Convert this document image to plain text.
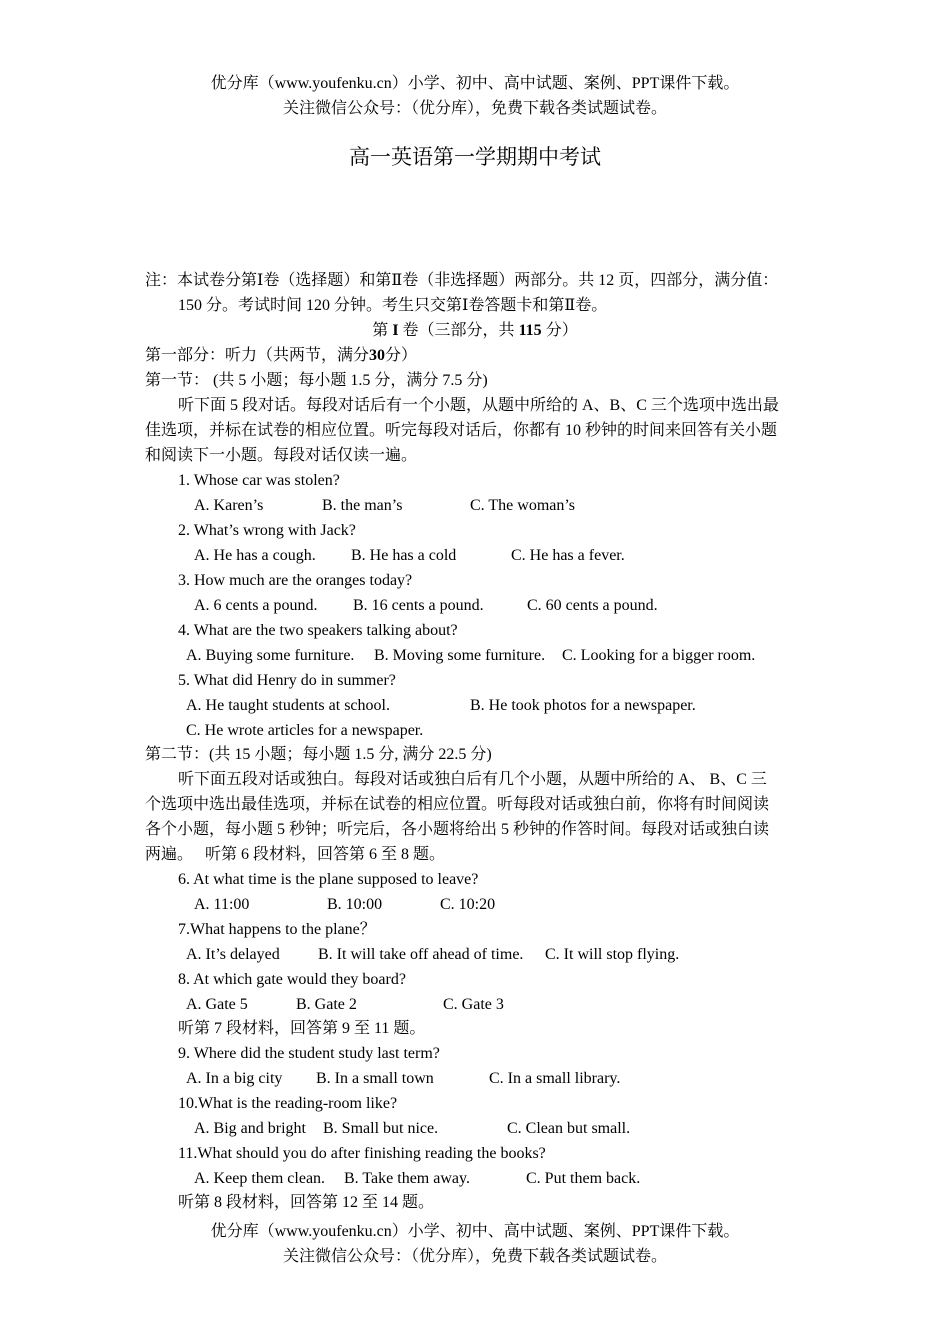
优分库（www.youfenku.cn）小学、初中、高中试题、案例、PPT课件下载。
关注微信公众号：（优分库），免费下载各类试题试卷。
高一英语第一学期期中考试
注：本试卷分第Ⅰ卷（选择题）和第Ⅱ卷（非选择题）两部分。共 12 页，四部分，满分值：
150 分。考试时间 120 分钟。考生只交第Ⅰ卷答题卡和第Ⅱ卷。
第 I 卷（三部分，共 115 分）
第一部分：听力（共两节，满分30分）
第一节： (共 5 小题；每小题 1.5 分，满分 7.5 分)
听下面 5 段对话。每段对话后有一个小题，从题中所给的 A、B、C 三个选项中选出最
佳选项，并标在试卷的相应位置。听完每段对话后，你都有 10 秒钟的时间来回答有关小题
和阅读下一小题。每段对话仅读一遍。
1. Whose car was stolen?
A. Karen’s	B. the man’s	C. The woman’s
2. What’s wrong with Jack?
A. He has a cough. B. He has a cold	C. He has a fever.
3. How much are the oranges today?
A. 6 cents a pound. B. 16 cents a pound.	C. 60 cents a pound.
4. What are the two speakers talking about?
A. Buying some furniture. B. Moving some furniture. C. Looking for a bigger room.
5. What did Henry do in summer?
A. He taught students at school.	B. He took photos for a newspaper.
C. He wrote articles for a newspaper.
第二节：(共 15 小题；每小题 1.5 分, 满分 22.5 分)
听下面五段对话或独白。每段对话或独白后有几个小题，从题中所给的 A、 B、C 三
个选项中选出最佳选项，并标在试卷的相应位置。听每段对话或独白前，你将有时间阅读
各个小题，每小题 5 秒钟；听完后，各小题将给出 5 秒钟的作答时间。每段对话或独白读
两遍。   听第 6 段材料，回答第 6 至 8 题。
6. At what time is the plane supposed to leave?
A. 11:00	B. 10:00	C. 10:20
7.What happens to the plane？
A. It’s delayed B. It will take off ahead of time. C. It will stop flying.
8. At which gate would they board?
A. Gate 5	B. Gate 2	C. Gate 3
听第 7 段材料，回答第 9 至 11 题。
9. Where did the student study last term?
A. In a big city B. In a small town	C. In a small library.
10.What is the reading-room like?
A. Big and bright B. Small but nice.	C. Clean but small.
11.What should you do after finishing reading the books?
A. Keep them clean. B. Take them away.	C. Put them back.
听第 8 段材料，回答第 12 至 14 题。
优分库（www.youfenku.cn）小学、初中、高中试题、案例、PPT课件下载。
关注微信公众号：（优分库），免费下载各类试题试卷。
